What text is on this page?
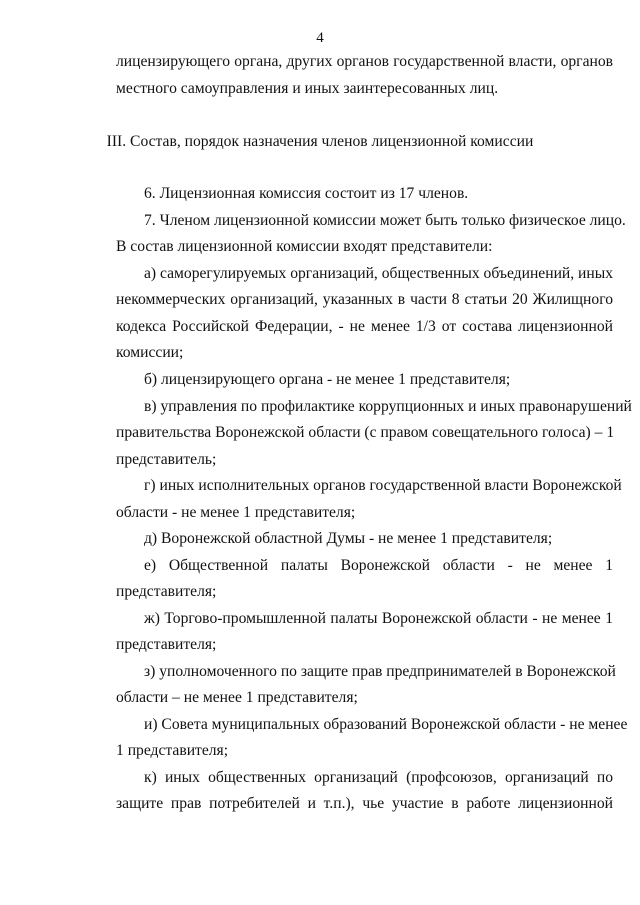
4
лицензирующего органа, других органов государственной власти, органов
местного самоуправления и иных заинтересованных лиц.
III. Состав, порядок назначения членов лицензионной комиссии
6. Лицензионная комиссия состоит из 17 членов.
7. Членом лицензионной комиссии может быть только физическое лицо.
В состав лицензионной комиссии входят представители:
а) саморегулируемых организаций, общественных объединений, иных
некоммерческих организаций, указанных в части 8 статьи 20 Жилищного
кодекса Российской Федерации, - не менее 1/3 от состава лицензионной
комиссии;
б) лицензирующего органа - не менее 1 представителя;
в) управления по профилактике коррупционных и иных правонарушений
правительства Воронежской области (с правом совещательного голоса) – 1
представитель;
г) иных исполнительных органов государственной власти Воронежской
области - не менее 1 представителя;
д) Воронежской областной Думы - не менее 1 представителя;
е) Общественной палаты Воронежской области - не менее 1
представителя;
ж) Торгово-промышленной палаты Воронежской области - не менее 1
представителя;
з) уполномоченного по защите прав предпринимателей в Воронежской
области – не менее 1 представителя;
и) Совета муниципальных образований Воронежской области - не менее
1 представителя;
к) иных общественных организаций (профсоюзов, организаций по
защите прав потребителей и т.п.), чье участие в работе лицензионной
